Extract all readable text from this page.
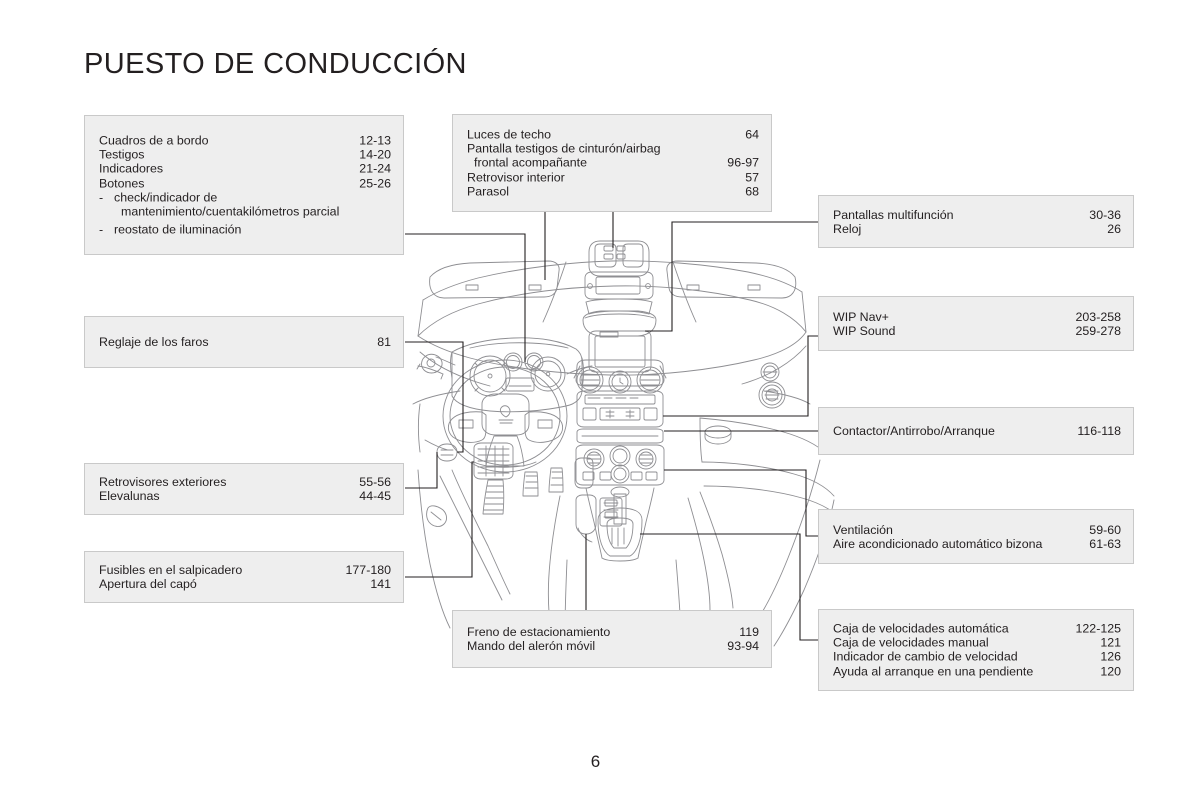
PUESTO DE CONDUCCIÓN
Cuadros de a bordo	12-13
Testigos	14-20
Indicadores	21-24
Botones	25-26
- check/indicador de
mantenimiento/cuentakilómetros parcial
- reostato de iluminación
Luces de techo	64
Pantalla testigos de cinturón/airbag
frontal acompañante	96-97
Retrovisor interior	57
Parasol	68
Pantallas multifunción	30-36
Reloj	26
WIP Nav+	203-258
WIP Sound	259-278
Contactor/Antirrobo/Arranque	116-118
Ventilación	59-60
Aire acondicionado automático bizona	61-63
Caja de velocidades automática	122-125
Caja de velocidades manual	121
Indicador de cambio de velocidad	126
Ayuda al arranque en una pendiente	120
Reglaje de los faros	81
Retrovisores exteriores	55-56
Elevalunas	44-45
Fusibles en el salpicadero	177-180
Apertura del capó	141
Freno de estacionamiento	119
Mando del alerón móvil	93-94
6
